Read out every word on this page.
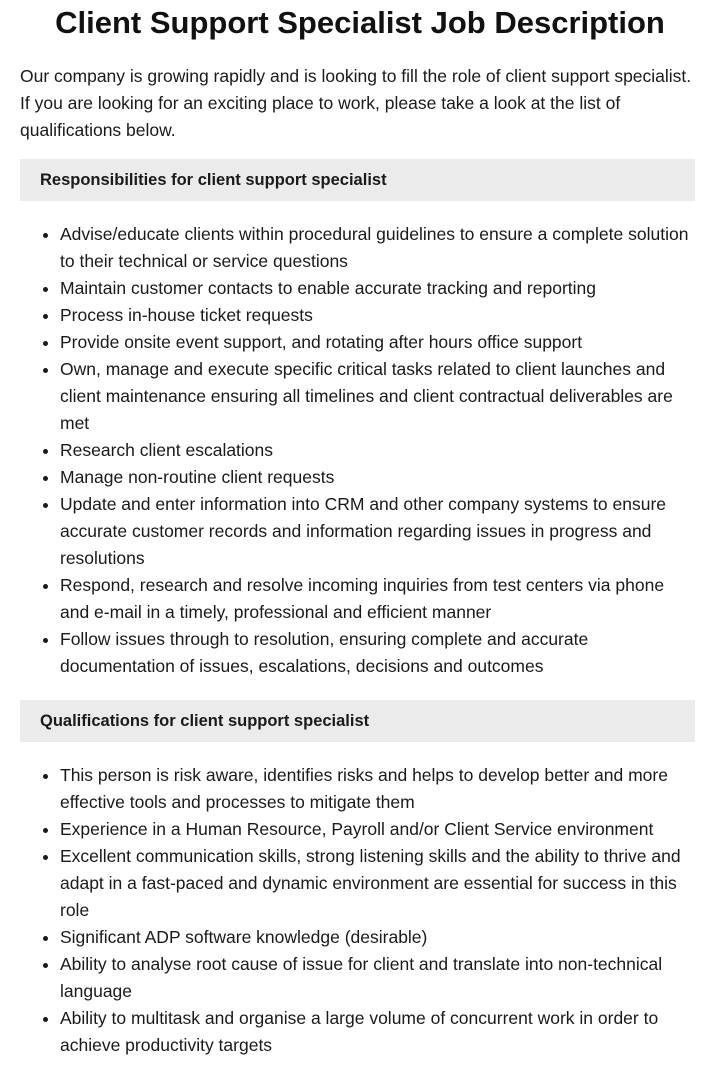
Client Support Specialist Job Description

Our company is growing rapidly and is looking to fill the role of client support specialist. If you are looking for an exciting place to work, please take a look at the list of qualifications below.

Responsibilities for client support specialist
• Advise/educate clients within procedural guidelines to ensure a complete solution to their technical or service questions
• Maintain customer contacts to enable accurate tracking and reporting
• Process in-house ticket requests
• Provide onsite event support, and rotating after hours office support
• Own, manage and execute specific critical tasks related to client launches and client maintenance ensuring all timelines and client contractual deliverables are met
• Research client escalations
• Manage non-routine client requests
• Update and enter information into CRM and other company systems to ensure accurate customer records and information regarding issues in progress and resolutions
• Respond, research and resolve incoming inquiries from test centers via phone and e-mail in a timely, professional and efficient manner
• Follow issues through to resolution, ensuring complete and accurate documentation of issues, escalations, decisions and outcomes
Qualifications for client support specialist
• This person is risk aware, identifies risks and helps to develop better and more effective tools and processes to mitigate them
• Experience in a Human Resource, Payroll and/or Client Service environment
• Excellent communication skills, strong listening skills and the ability to thrive and adapt in a fast-paced and dynamic environment are essential for success in this role
• Significant ADP software knowledge (desirable)
• Ability to analyse root cause of issue for client and translate into non-technical language
• Ability to multitask and organise a large volume of concurrent work in order to achieve productivity targets
